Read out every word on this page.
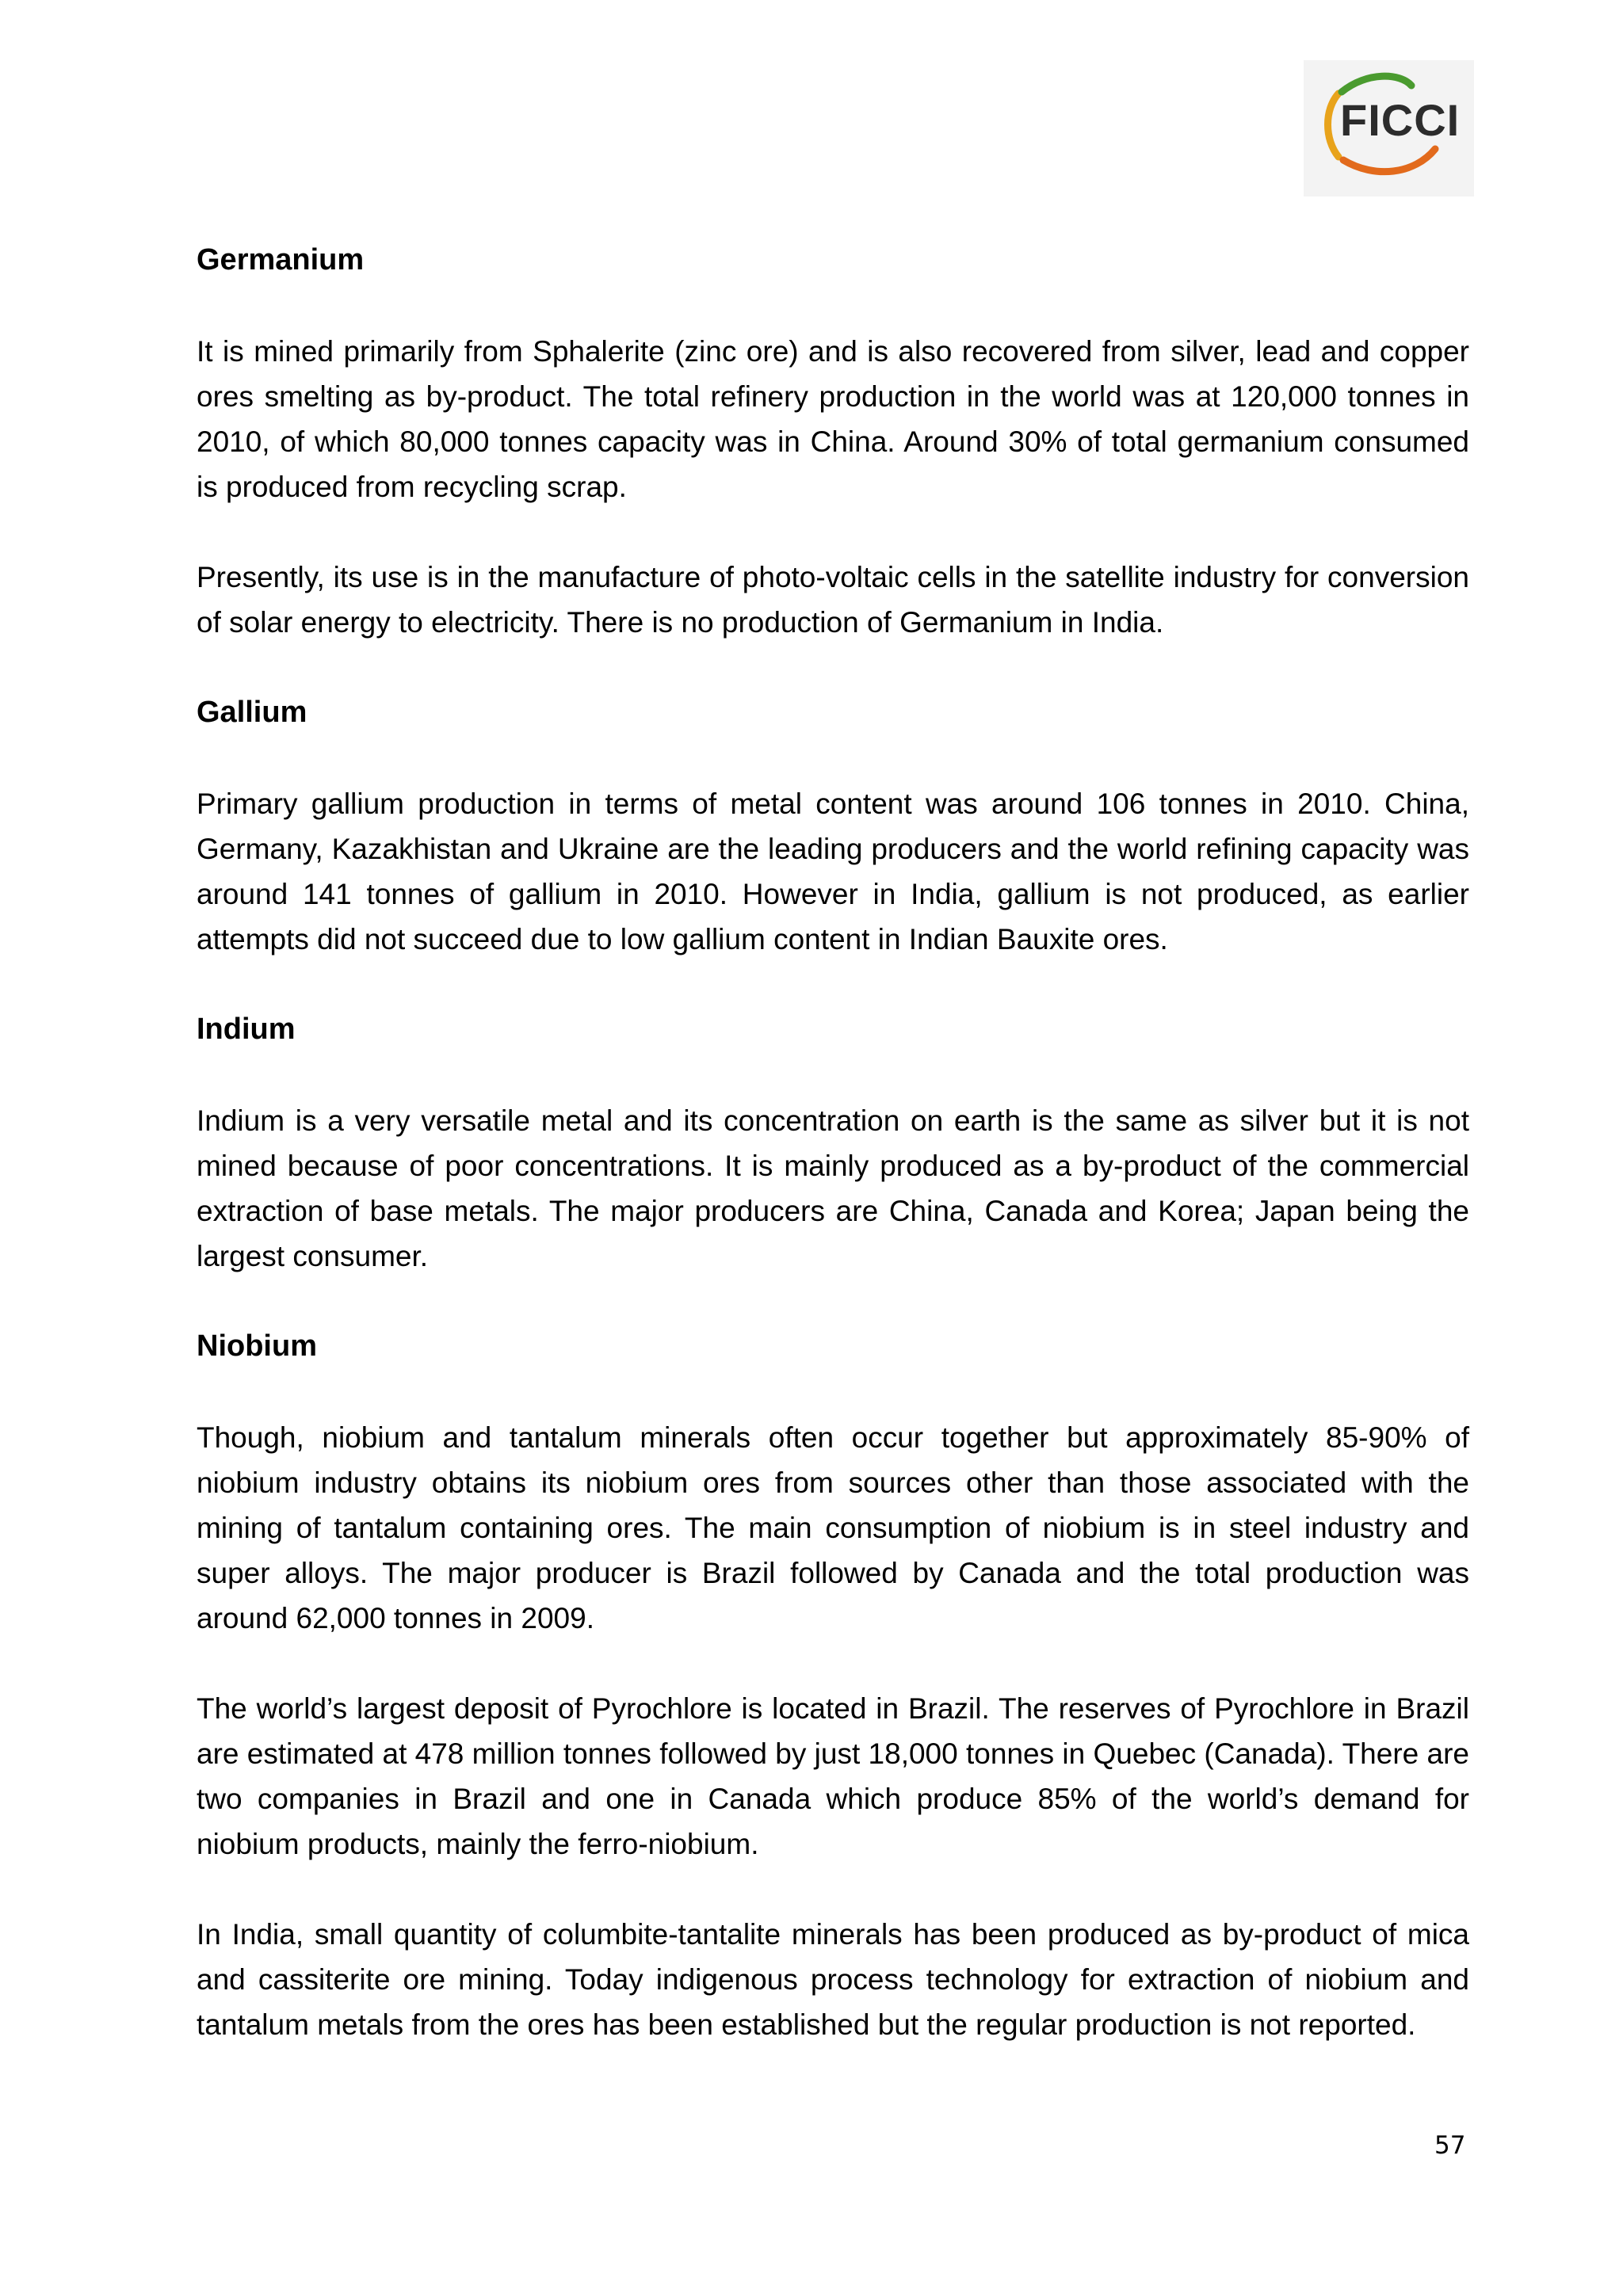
FICCI
Germanium

It is mined primarily from Sphalerite (zinc ore) and is also recovered from silver, lead and copper ores smelting as by-product. The total refinery production in the world was at 120,000 tonnes in 2010, of which 80,000 tonnes capacity was in China. Around 30% of total germanium consumed is produced from recycling scrap.

Presently, its use is in the manufacture of photo-voltaic cells in the satellite industry for conversion of solar energy to electricity. There is no production of Germanium in India.

Gallium

Primary gallium production in terms of metal content was around 106 tonnes in 2010. China, Germany, Kazakhistan and Ukraine are the leading producers and the world refining capacity was around 141 tonnes of gallium in 2010. However in India, gallium is not produced, as earlier attempts did not succeed due to low gallium content in Indian Bauxite ores.

Indium

Indium is a very versatile metal and its concentration on earth is the same as silver but it is not mined because of poor concentrations. It is mainly produced as a by-product of the commercial extraction of base metals. The major producers are China, Canada and Korea; Japan being the largest consumer.

Niobium

Though, niobium and tantalum minerals often occur together but approximately 85-90% of niobium industry obtains its niobium ores from sources other than those associated with the mining of tantalum containing ores. The main consumption of niobium is in steel industry and super alloys. The major producer is Brazil followed by Canada and the total production was around 62,000 tonnes in 2009.

The world’s largest deposit of Pyrochlore is located in Brazil. The reserves of Pyrochlore in Brazil are estimated at 478 million tonnes followed by just 18,000 tonnes in Quebec (Canada). There are two companies in Brazil and one in Canada which produce 85% of the world’s demand for niobium products, mainly the ferro-niobium.

In India, small quantity of columbite-tantalite minerals has been produced as by-product of mica and cassiterite ore mining. Today indigenous process technology for extraction of niobium and tantalum metals from the ores has been established but the regular production is not reported.

57
